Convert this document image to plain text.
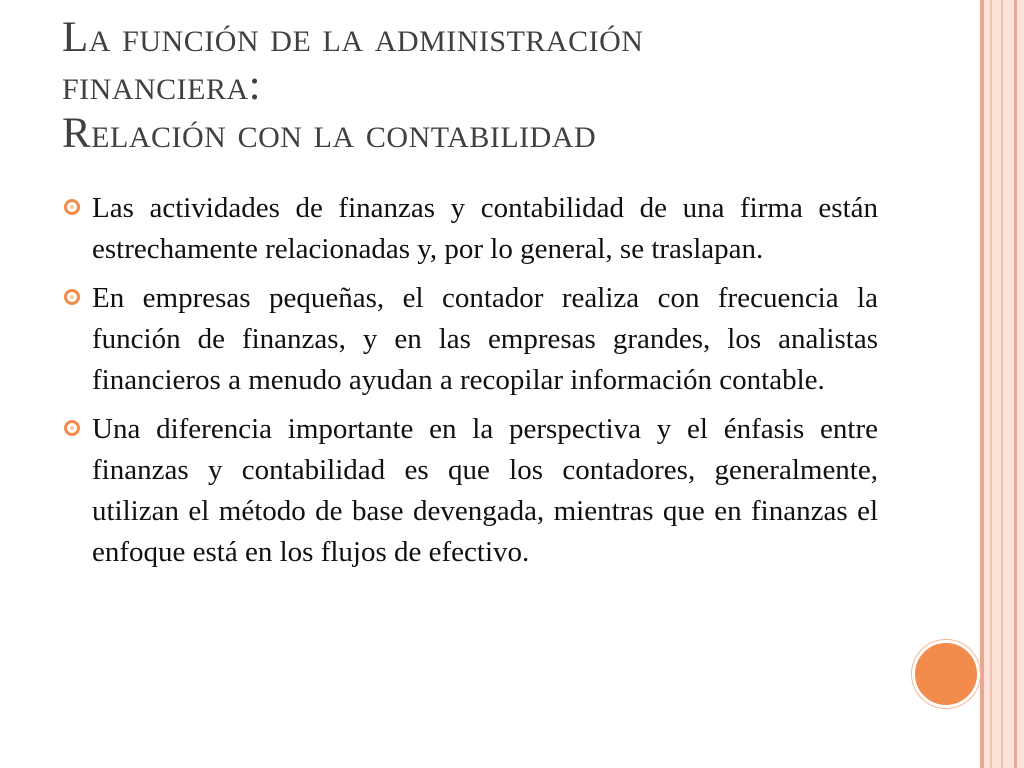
La función de la administración
financiera:
Relación con la contabilidad
Las actividades de finanzas y contabilidad de una firma están estrechamente relacionadas y, por lo general, se traslapan.
En empresas pequeñas, el contador realiza con frecuencia la función de finanzas, y en las empresas grandes, los analistas financieros a menudo ayudan a recopilar información contable.
Una diferencia importante en la perspectiva y el énfasis entre finanzas y contabilidad es que los contadores, generalmente, utilizan el método de base devengada, mientras que en finanzas el enfoque está en los flujos de efectivo.
